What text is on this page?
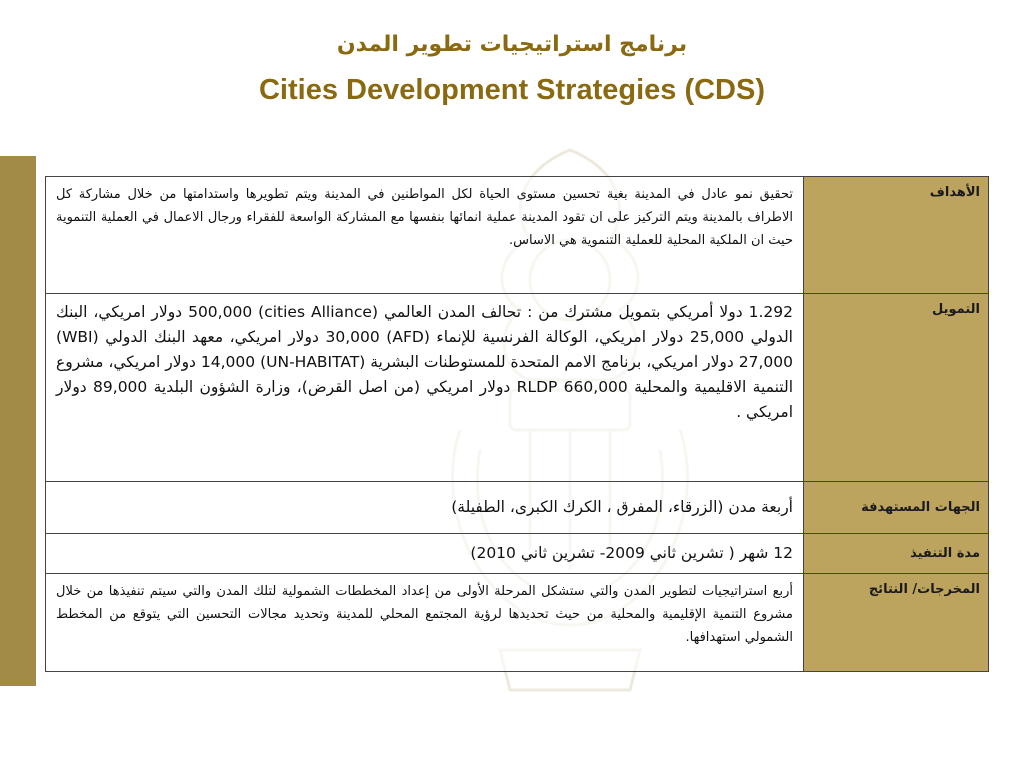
برنامج استراتيجيات تطوير المدن
Cities Development Strategies (CDS)
الأهداف	تحقيق نمو عادل في المدينة بغية تحسين مستوى الحياة لكل المواطنين في المدينة ويتم تطويرها واستدامتها من خلال مشاركة كل الاطراف بالمدينة ويتم التركيز على ان تقود المدينة عملية انمائها بنفسها مع المشاركة الواسعة للفقراء ورجال الاعمال في العملية التنموية حيث ان الملكية المحلية للعملية التنموية هي الاساس.
التمويل	1.292 دولا أمريكي بتمويل مشترك من : تحالف المدن العالمي (cities Alliance) 500,000 دولار امريكي، البنك الدولي 25,000 دولار امريكي، الوكالة الفرنسية للإنماء (AFD) 30,000 دولار امريكي، معهد البنك الدولي (WBI) 27,000 دولار امريكي، برنامج الامم المتحدة للمستوطنات البشرية (UN-HABITAT) 14,000 دولار امريكي، مشروع التنمية الاقليمية والمحلية RLDP 660,000 دولار امريكي (من اصل القرض)، وزارة الشؤون البلدية 89,000 دولار امريكي .
الجهات المستهدفة	أربعة مدن (الزرقاء، المفرق ، الكرك الكبرى، الطفيلة)
مدة التنفيذ	12 شهر ( تشرين ثاني 2009- تشرين ثاني 2010)
المخرجات/ النتائج	أربع استراتيجيات لتطوير المدن والتي ستشكل المرحلة الأولى من إعداد المخططات الشمولية لتلك المدن والتي سيتم تنفيذها من خلال مشروع التنمية الإقليمية والمحلية من حيث تحديدها لرؤية المجتمع المحلي للمدينة وتحديد مجالات التحسين التي يتوقع من المخطط الشمولي استهدافها.
